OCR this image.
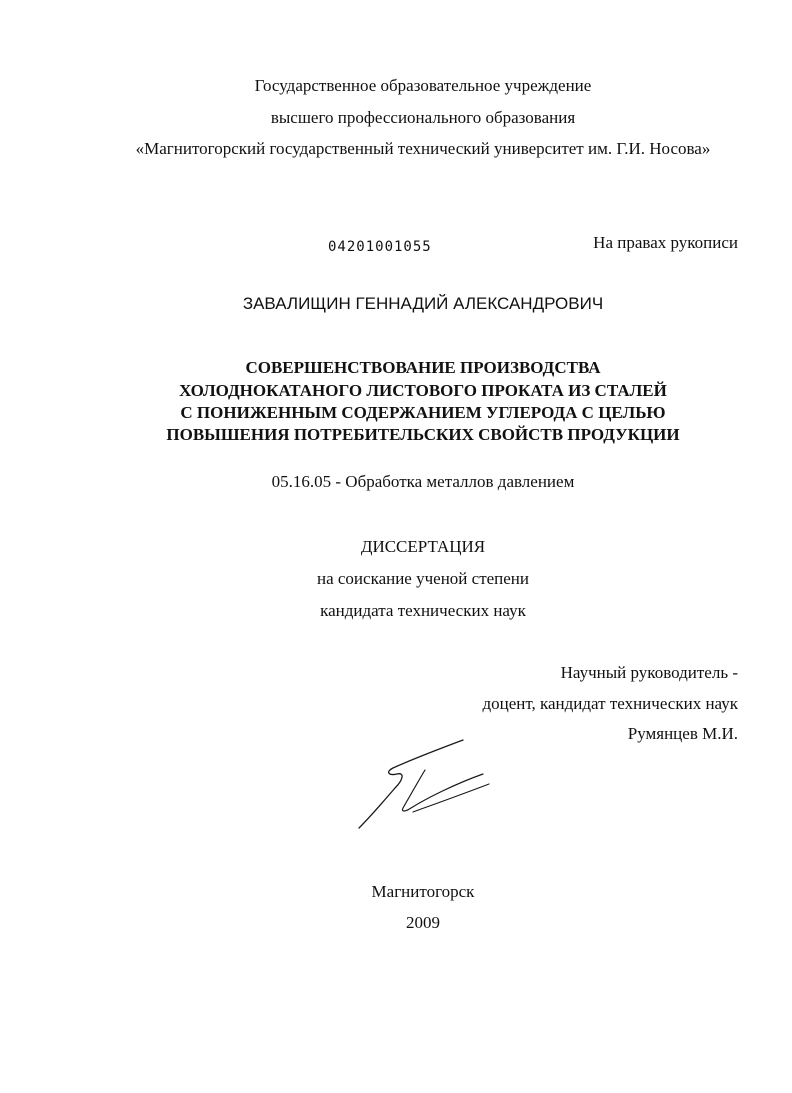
Государственное образовательное учреждение
высшего профессионального образования
«Магнитогорский государственный технический университет им. Г.И. Носова»
04201001055	На правах рукописи
ЗАВАЛИЩИН ГЕННАДИЙ АЛЕКСАНДРОВИЧ
СОВЕРШЕНСТВОВАНИЕ ПРОИЗВОДСТВА
ХОЛОДНОКАТАНОГО ЛИСТОВОГО ПРОКАТА ИЗ СТАЛЕЙ
С ПОНИЖЕННЫМ СОДЕРЖАНИЕМ УГЛЕРОДА С ЦЕЛЬЮ
ПОВЫШЕНИЯ ПОТРЕБИТЕЛЬСКИХ СВОЙСТВ ПРОДУКЦИИ
05.16.05 - Обработка металлов давлением
ДИССЕРТАЦИЯ
на соискание ученой степени
кандидата технических наук
Научный руководитель -
доцент, кандидат технических наук
Румянцев М.И.
Магнитогорск
2009
